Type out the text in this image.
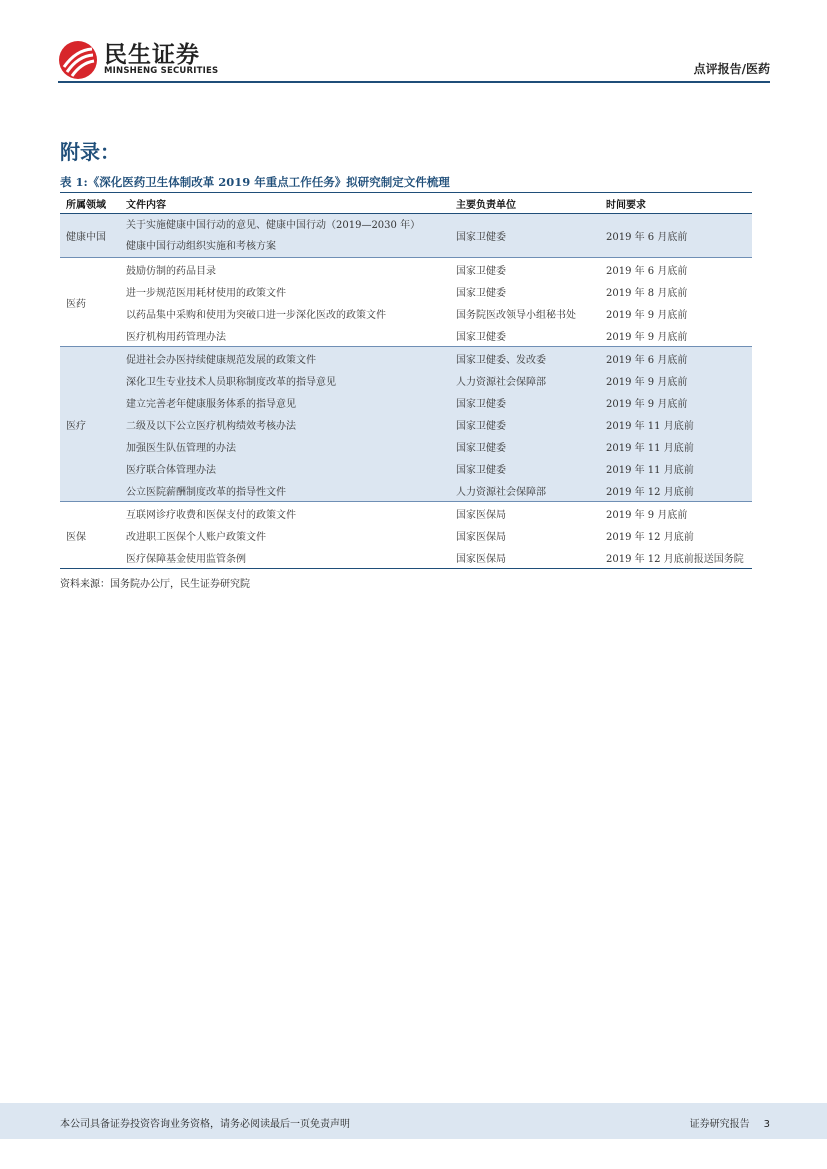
民生证券
MINSHENG SECURITIES	点评报告/医药
附录：
表 1:《深化医药卫生体制改革 2019 年重点工作任务》拟研究制定文件梳理
所属领域	文件内容	主要负责单位	时间要求
健康中国	关于实施健康中国行动的意见、健康中国行动（2019—2030 年）
健康中国行动组织实施和考核方案	国家卫健委	2019 年 6 月底前
医药	鼓励仿制的药品目录	国家卫健委	2019 年 6 月底前
	进一步规范医用耗材使用的政策文件	国家卫健委	2019 年 8 月底前
	以药品集中采购和使用为突破口进一步深化医改的政策文件	国务院医改领导小组秘书处	2019 年 9 月底前
	医疗机构用药管理办法	国家卫健委	2019 年 9 月底前
医疗	促进社会办医持续健康规范发展的政策文件	国家卫健委、发改委	2019 年 6 月底前
	深化卫生专业技术人员职称制度改革的指导意见	人力资源社会保障部	2019 年 9 月底前
	建立完善老年健康服务体系的指导意见	国家卫健委	2019 年 9 月底前
	二级及以下公立医疗机构绩效考核办法	国家卫健委	2019 年 11 月底前
	加强医生队伍管理的办法	国家卫健委	2019 年 11 月底前
	医疗联合体管理办法	国家卫健委	2019 年 11 月底前
	公立医院薪酬制度改革的指导性文件	人力资源社会保障部	2019 年 12 月底前
医保	互联网诊疗收费和医保支付的政策文件	国家医保局	2019 年 9 月底前
	改进职工医保个人账户政策文件	国家医保局	2019 年 12 月底前
	医疗保障基金使用监管条例	国家医保局	2019 年 12 月底前报送国务院
资料来源：国务院办公厅，民生证券研究院
本公司具备证券投资咨询业务资格，请务必阅读最后一页免责声明	证券研究报告 3
